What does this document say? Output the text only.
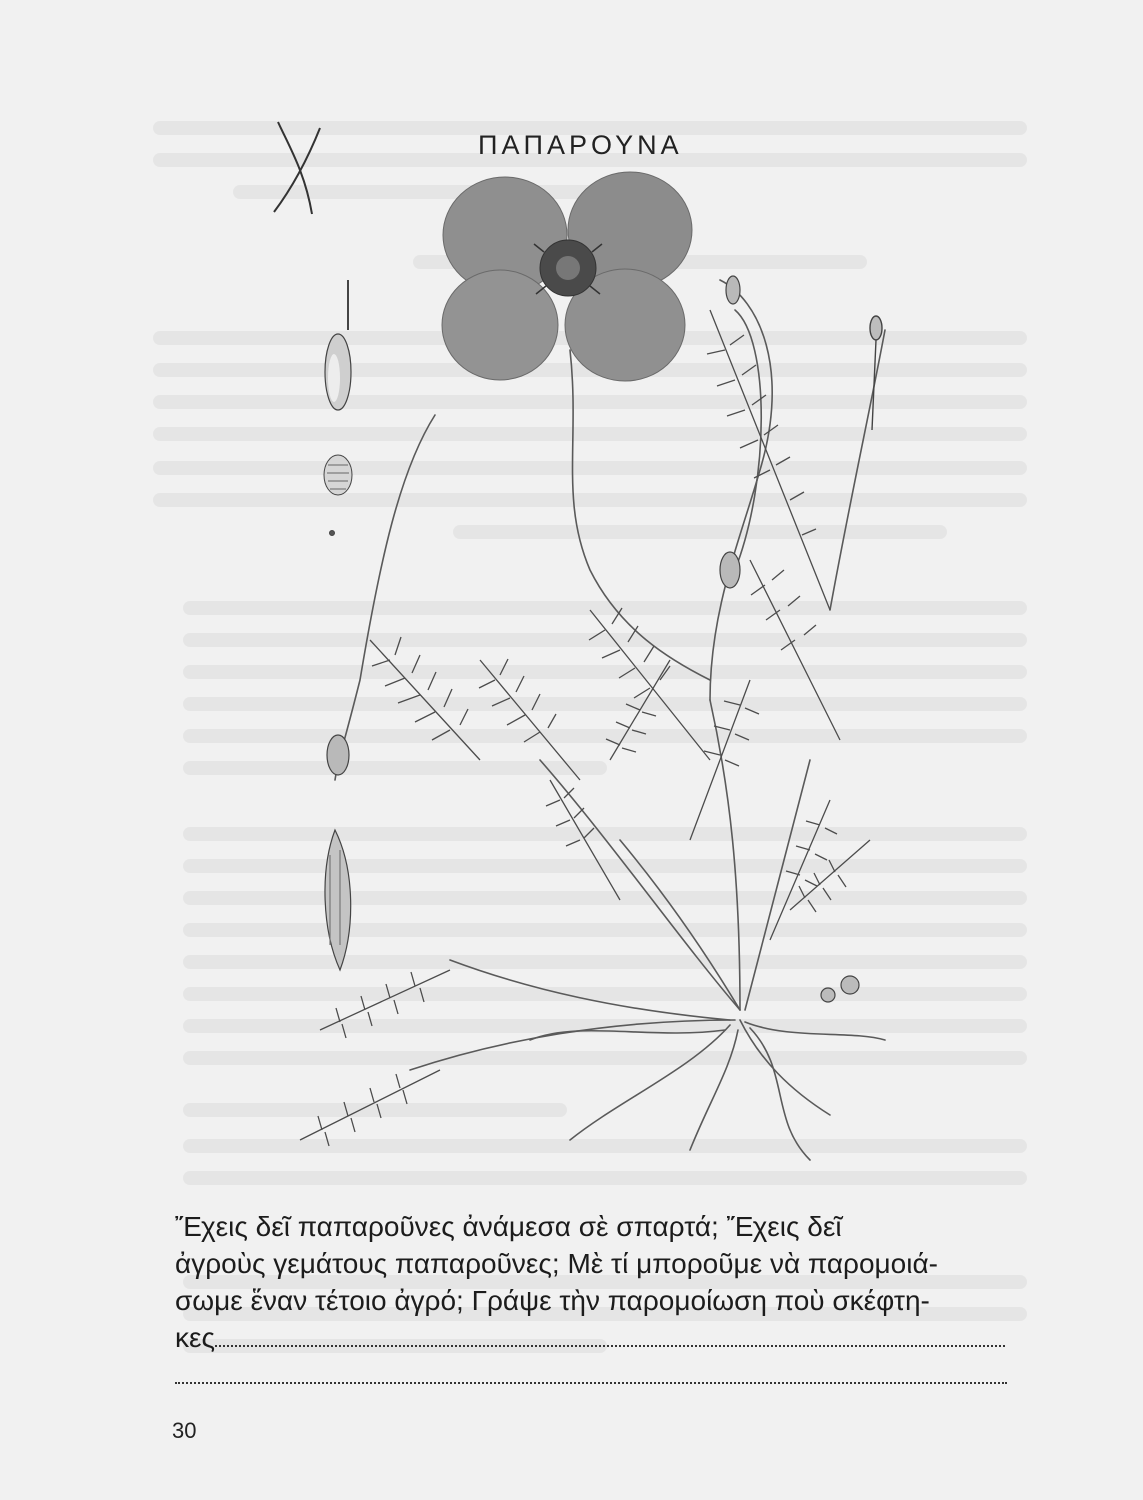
ΠΑΠΑΡΟΥΝΑ
Ἔχεις δεῖ παπαροῦνες ἀνάμεσα σὲ σπαρτά; Ἔχεις δεῖ
ἀγροὺς γεμάτους παπαροῦνες; Μὲ τί μποροῦμε νὰ παρομοιά-
σωμε ἕναν τέτοιο ἀγρό; Γράψε τὴν παρομοίωση ποὺ σκέφτη-
κες
30
